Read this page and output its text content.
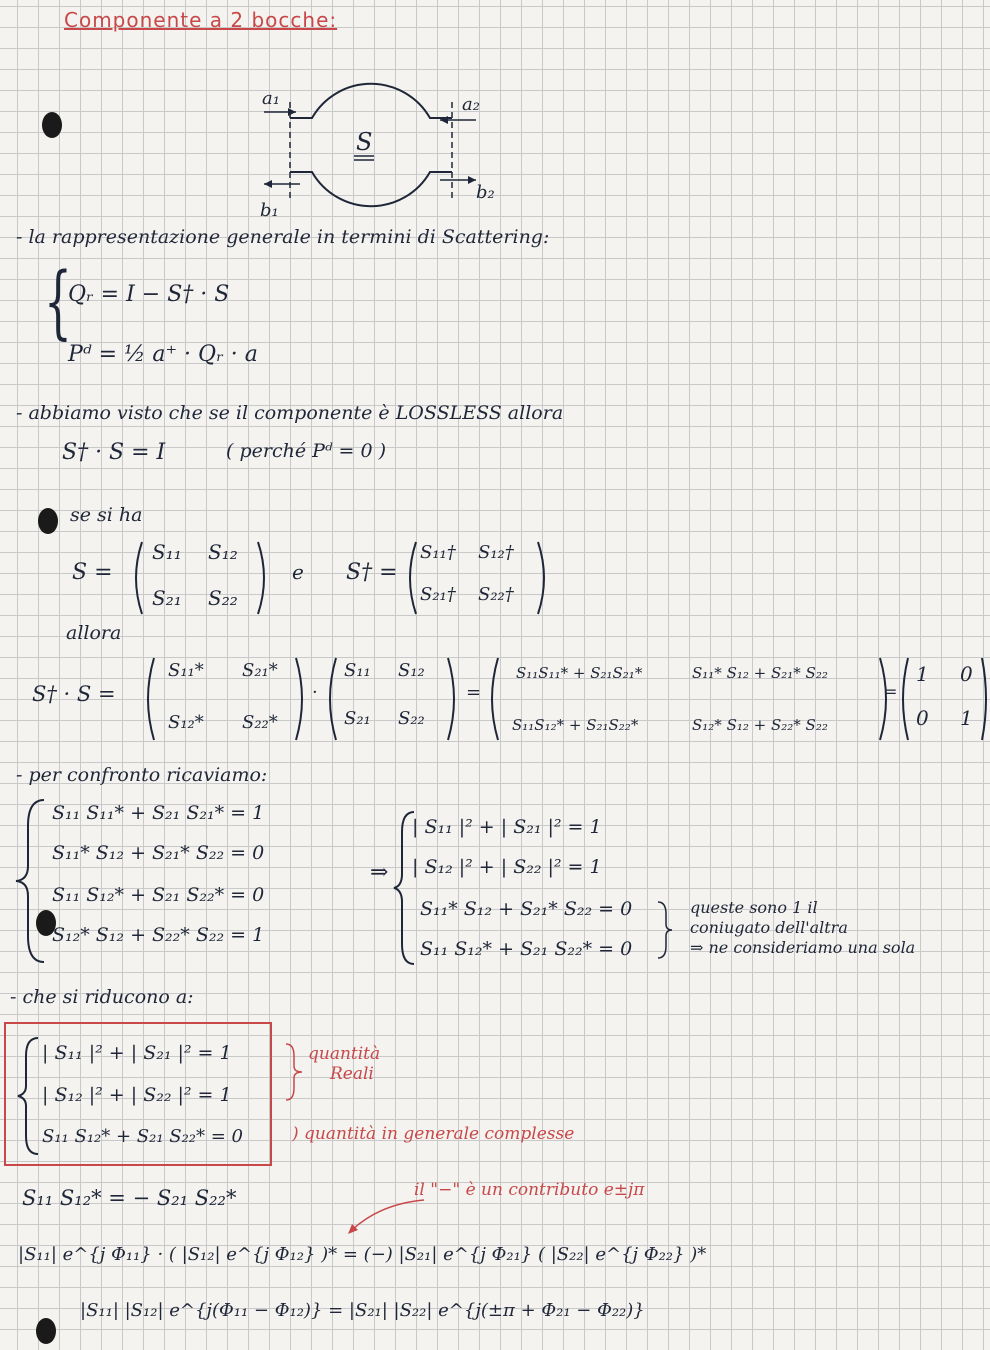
Componente a 2 bocche:
a₁	a₂
b₁
b₂
S
- la rappresentazione generale in termini di Scattering:
{
Qᵣ = I − S† · S
Pᵈ = ½ a⁺ · Qᵣ · a
- abbiamo visto che se il componente è LOSSLESS allora
S† · S = I	( perché Pᵈ = 0 )
se si ha
S =
S₁₁ S₁₂
S₂₁ S₂₂
e S† =
S₁₁† S₁₂†
S₂₁† S₂₂†
allora
S† · S =
S₁₁* S₂₁*
S₁₂* S₂₂*
·
S₁₁ S₁₂
S₂₁ S₂₂
=
S₁₁S₁₁* + S₂₁S₂₁*	S₁₁* S₁₂ + S₂₁* S₂₂
S₁₁S₁₂* + S₂₁S₂₂*	S₁₂* S₁₂ + S₂₂* S₂₂
=
1 0
0 1
- per confronto ricaviamo:
S₁₁ S₁₁* + S₂₁ S₂₁* = 1
S₁₁* S₁₂ + S₂₁* S₂₂ = 0
S₁₁ S₁₂* + S₂₁ S₂₂* = 0
S₁₂* S₁₂ + S₂₂* S₂₂ = 1
⇒
| S₁₁ |² + | S₂₁ |² = 1
| S₁₂ |² + | S₂₂ |² = 1
S₁₁* S₁₂ + S₂₁* S₂₂ = 0
S₁₁ S₁₂* + S₂₁ S₂₂* = 0
queste sono 1 il
coniugato dell'altra
⇒ ne consideriamo una sola
- che si riducono a:
| S₁₁ |² + | S₂₁ |² = 1
| S₁₂ |² + | S₂₂ |² = 1
S₁₁ S₁₂* + S₂₁ S₂₂* = 0
quantità
Reali
) quantità in generale complesse
il "−" è un contributo e±jπ
S₁₁ S₁₂* = − S₂₁ S₂₂*
|S₁₁| e^{j Φ₁₁} · ( |S₁₂| e^{j Φ₁₂} )* = (−) |S₂₁| e^{j Φ₂₁} ( |S₂₂| e^{j Φ₂₂} )*
|S₁₁| |S₁₂| e^{j(Φ₁₁ − Φ₁₂)} = |S₂₁| |S₂₂| e^{j(±π + Φ₂₁ − Φ₂₂)}
